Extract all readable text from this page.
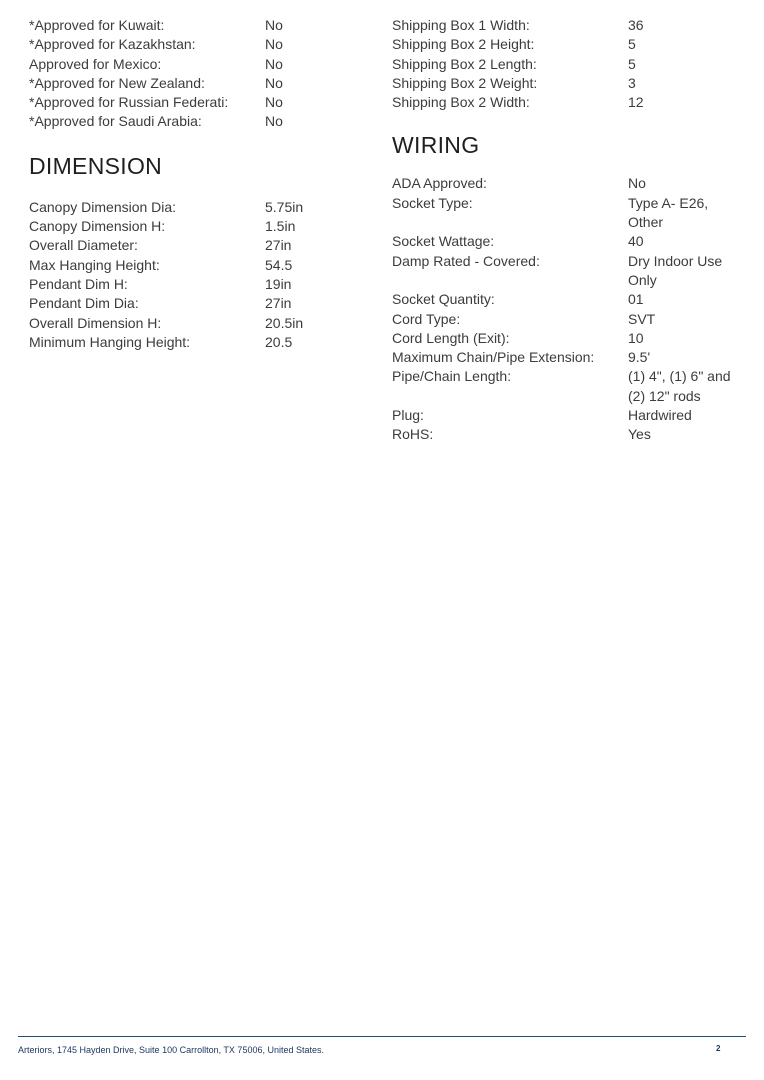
*Approved for Kuwait:	No
*Approved for Kazakhstan:	No
Approved for Mexico:	No
*Approved for New Zealand:	No
*Approved for Russian Federati:	No
*Approved for Saudi Arabia:	No
DIMENSION
Canopy Dimension Dia:	5.75in
Canopy Dimension H:	1.5in
Overall Diameter:	27in
Max Hanging Height:	54.5
Pendant Dim H:	19in
Pendant Dim Dia:	27in
Overall Dimension H:	20.5in
Minimum Hanging Height:	20.5
Shipping Box 1 Width:	36
Shipping Box 2 Height:	5
Shipping Box 2 Length:	5
Shipping Box 2 Weight:	3
Shipping Box 2 Width:	12
WIRING
ADA Approved:	No
Socket Type:	Type A- E26, Other
Socket Wattage:	40
Damp Rated - Covered:	Dry Indoor Use Only
Socket Quantity:	01
Cord Type:	SVT
Cord Length (Exit):	10
Maximum Chain/Pipe Extension:	9.5'
Pipe/Chain Length:	(1) 4", (1) 6" and (2) 12" rods
Plug:	Hardwired
RoHS:	Yes
Arteriors, 1745 Hayden Drive, Suite 100 Carrollton, TX 75006, United States.	2
